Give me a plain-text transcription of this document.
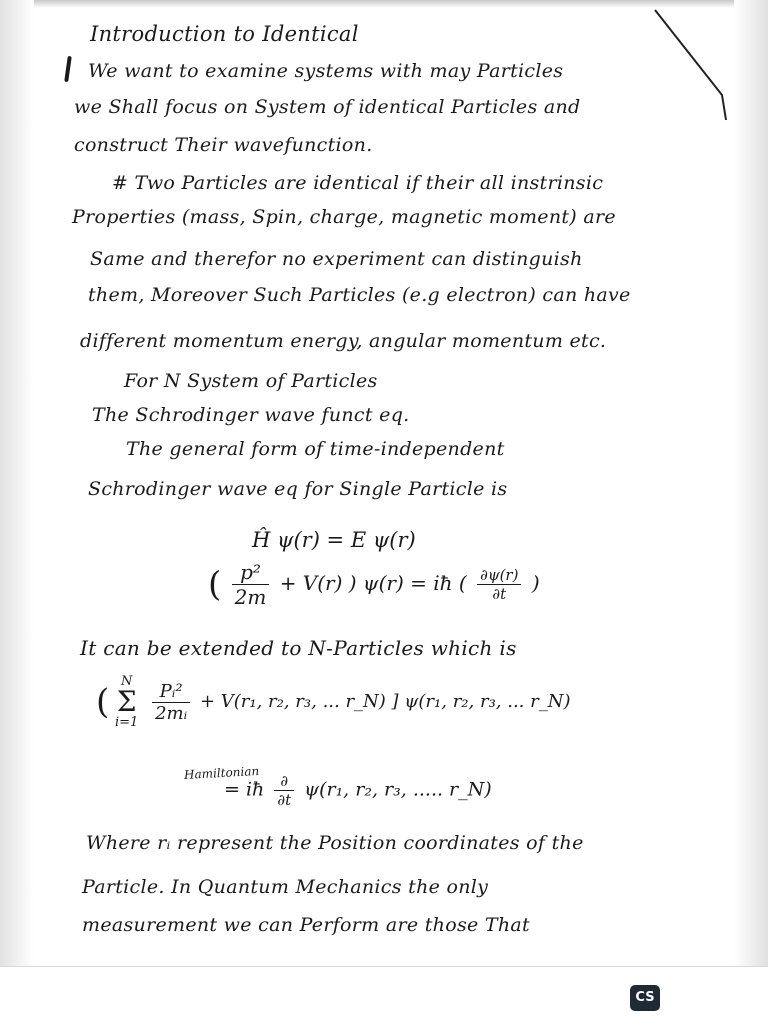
Introduction to Identical
We want to examine systems with may Particles
we Shall focus on System of identical Particles and
construct Their wavefunction.
# Two Particles are identical if their all instrinsic
Properties (mass, Spin, charge, magnetic moment) are
Same and therefor no experiment can distinguish
them, Moreover Such Particles (e.g electron) can have
different momentum energy, angular momentum etc.
For N System of Particles
The Schrodinger wave funct eq.
The general form of time-independent
Schrodinger wave eq for Single Particle is
Ĥ ψ(r) = E ψ(r)
( $\frac{\text{p²}}{2m} + V(r)$ ) ψ(r) = iħ ( $\frac{\partial\psi(r)}{\partial t}$ )
It can be extended to N-Particles which is
(
N
Σ
i=1
$\frac{\text{Pᵢ²}}{\text{2mᵢ}} + V(r_1$, r₂, r₃, ... r_N) ] ψ(r₁, r₂, r₃, ... r_N)
Hamiltonian
= iħ $\frac{\partial}{\partial t} \psi(r_1$, r₂, r₃, ..... r_N)
Where rᵢ represent the Position coordinates of the
Particle. In Quantum Mechanics the only
measurement we can Perform are those That
CS
